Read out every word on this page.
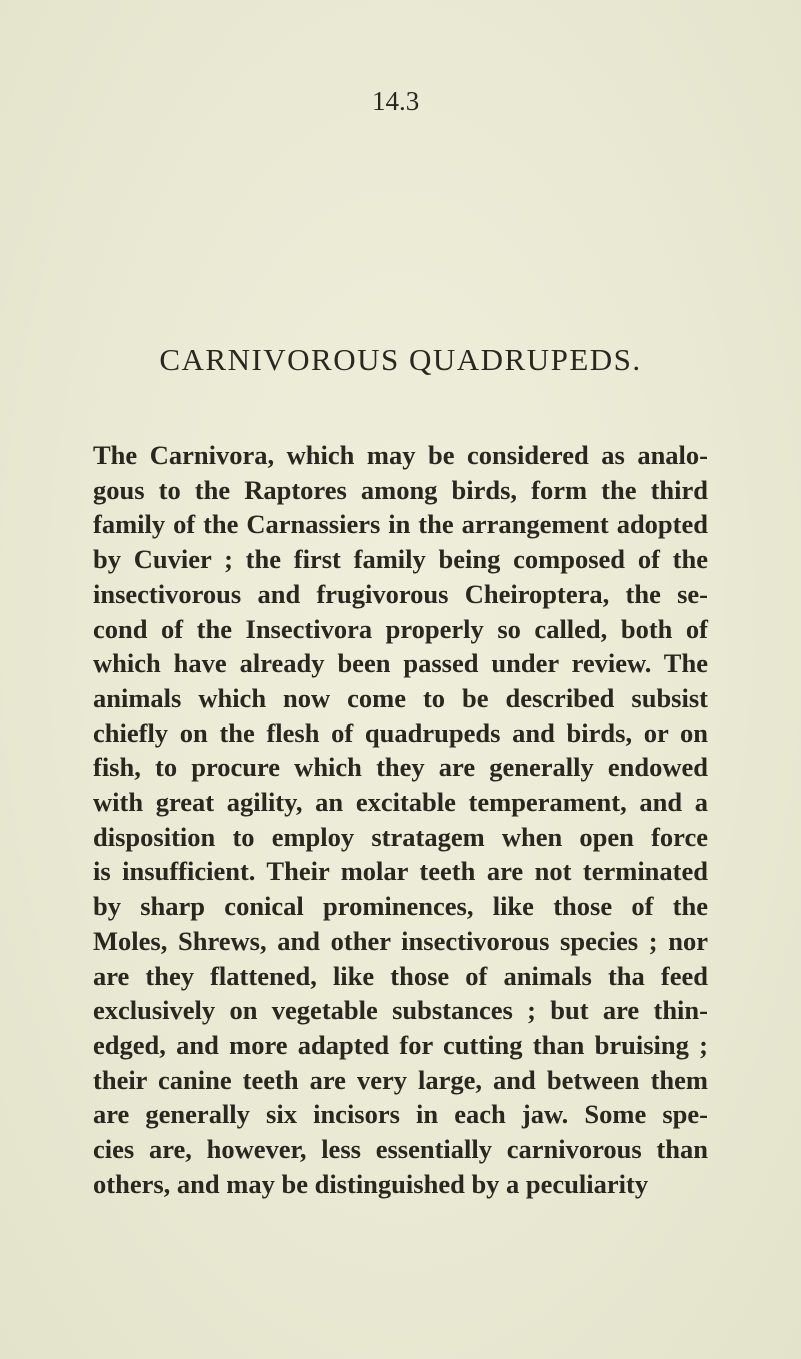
14.3
CARNIVOROUS QUADRUPEDS.
The Carnivora, which may be considered as analo-
gous to the Raptores among birds, form the third
family of the Carnassiers in the arrangement adopted
by Cuvier ; the first family being composed of the
insectivorous and frugivorous Cheiroptera, the se-
cond of the Insectivora properly so called, both of
which have already been passed under review. The
animals which now come to be described subsist
chiefly on the flesh of quadrupeds and birds, or on
fish, to procure which they are generally endowed
with great agility, an excitable temperament, and a
disposition to employ stratagem when open force
is insufficient. Their molar teeth are not terminated
by sharp conical prominences, like those of the
Moles, Shrews, and other insectivorous species ; nor
are they flattened, like those of animals tha feed
exclusively on vegetable substances ; but are thin-
edged, and more adapted for cutting than bruising ;
their canine teeth are very large, and between them
are generally six incisors in each jaw. Some spe-
cies are, however, less essentially carnivorous than
others, and may be distinguished by a peculiarity
